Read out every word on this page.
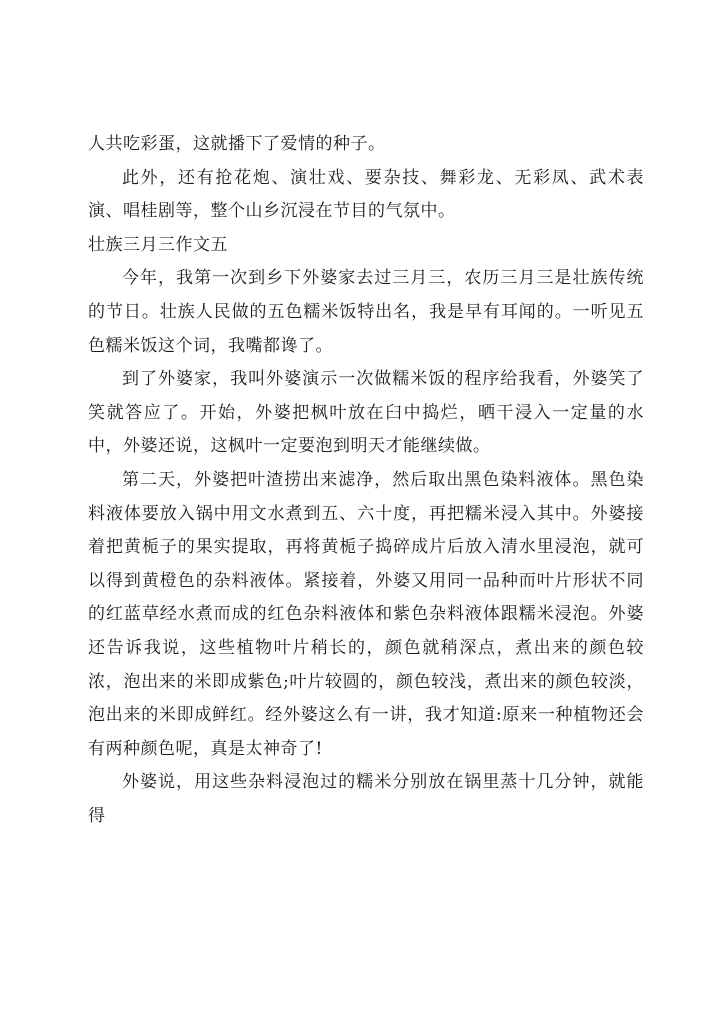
人共吃彩蛋，这就播下了爱情的种子。

此外，还有抢花炮、演壮戏、要杂技、舞彩龙、无彩凤、武术表演、唱桂剧等，整个山乡沉浸在节目的气氛中。

壮族三月三作文五

今年，我第一次到乡下外婆家去过三月三，农历三月三是壮族传统的节日。壮族人民做的五色糯米饭特出名，我是早有耳闻的。一听见五色糯米饭这个词，我嘴都谗了。

到了外婆家，我叫外婆演示一次做糯米饭的程序给我看，外婆笑了笑就答应了。开始，外婆把枫叶放在臼中捣烂，晒干浸入一定量的水中，外婆还说，这枫叶一定要泡到明天才能继续做。

第二天，外婆把叶渣捞出来滤净，然后取出黑色染料液体。黑色染料液体要放入锅中用文水煮到五、六十度，再把糯米浸入其中。外婆接着把黄栀子的果实提取，再将黄栀子捣碎成片后放入清水里浸泡，就可以得到黄橙色的杂料液体。紧接着，外婆又用同一品种而叶片形状不同的红蓝草经水煮而成的红色杂料液体和紫色杂料液体跟糯米浸泡。外婆还告诉我说，这些植物叶片稍长的，颜色就稍深点，煮出来的颜色较浓，泡出来的米即成紫色;叶片较圆的，颜色较浅，煮出来的颜色较淡，泡出来的米即成鲜红。经外婆这么有一讲，我才知道:原来一种植物还会有两种颜色呢，真是太神奇了!

外婆说，用这些杂料浸泡过的糯米分别放在锅里蒸十几分钟，就能得
